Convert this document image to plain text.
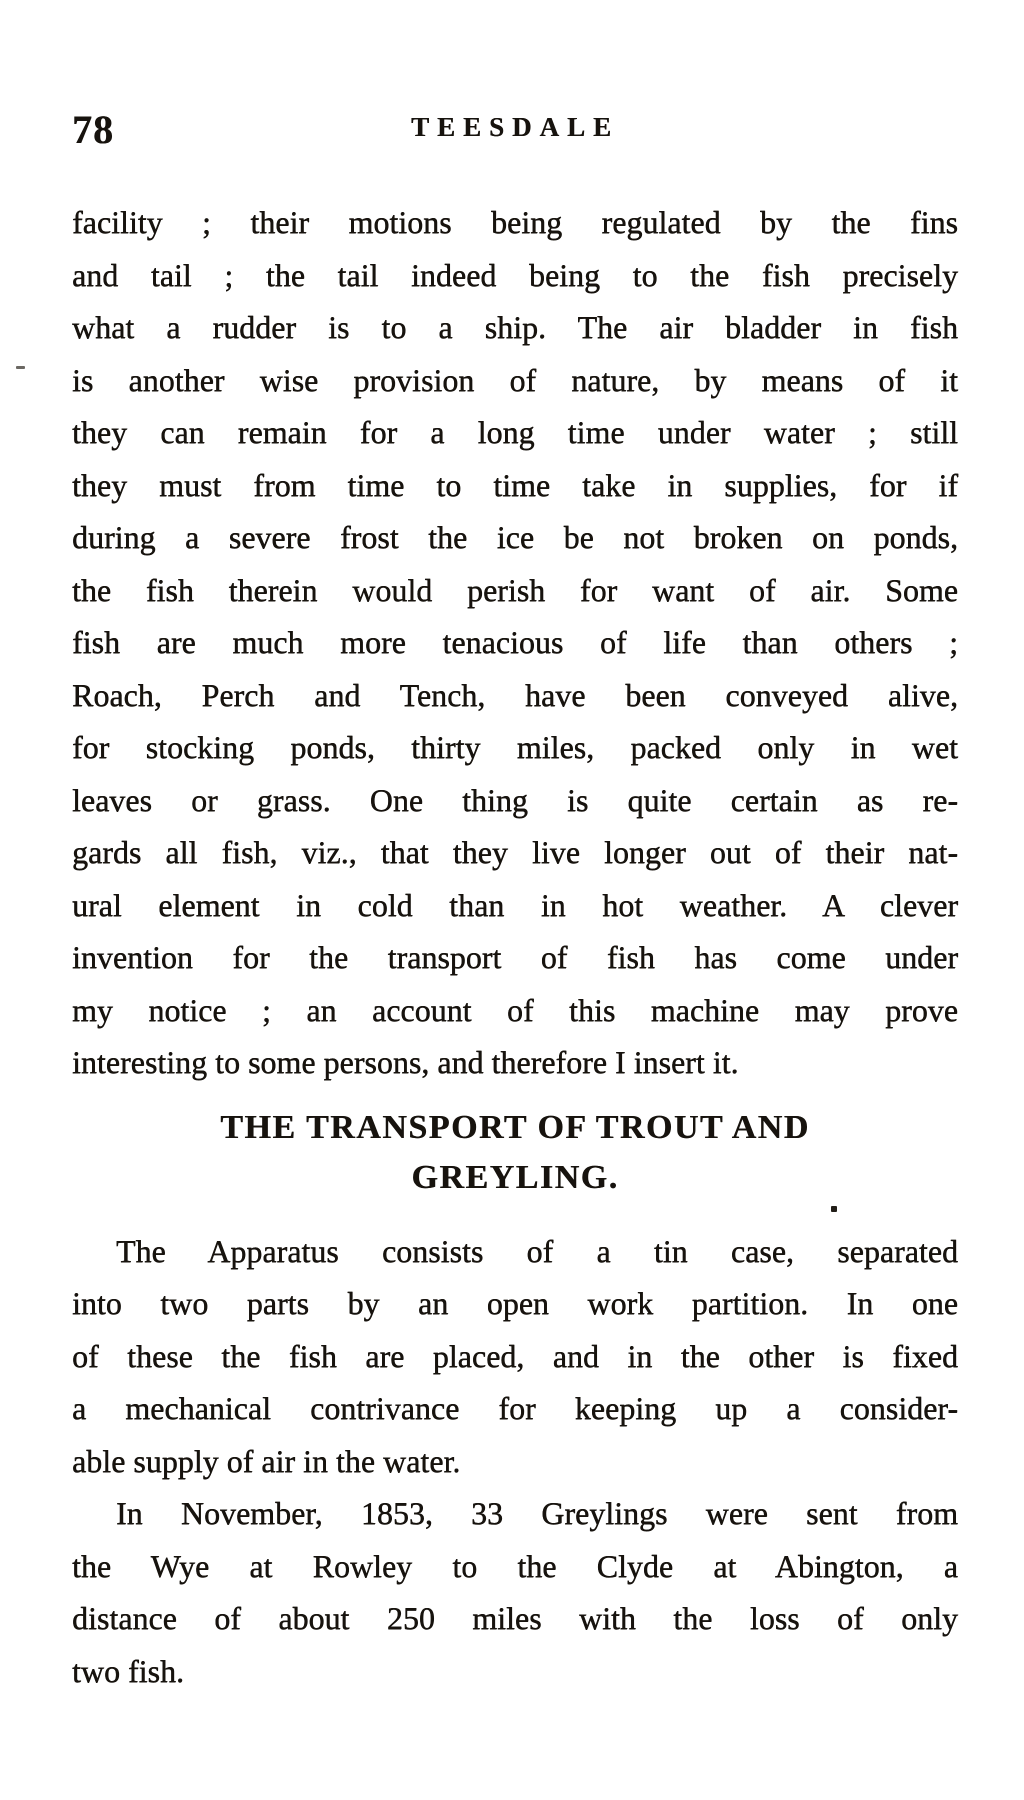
78	TEESDALE
facility ; their motions being regulated by the fins
and tail ; the tail indeed being to the fish precisely
what a rudder is to a ship. The air bladder in fish
is another wise provision of nature, by means of it
they can remain for a long time under water ; still
they must from time to time take in supplies, for if
during a severe frost the ice be not broken on ponds,
the fish therein would perish for want of air. Some
fish are much more tenacious of life than others ;
Roach, Perch and Tench, have been conveyed alive,
for stocking ponds, thirty miles, packed only in wet
leaves or grass. One thing is quite certain as re-
gards all fish, viz., that they live longer out of their nat-
ural element in cold than in hot weather. A clever
invention for the transport of fish has come under
my notice ; an account of this machine may prove
interesting to some persons, and therefore I insert it.
THE TRANSPORT OF TROUT AND
GREYLING.
The Apparatus consists of a tin case, separated
into two parts by an open work partition. In one
of these the fish are placed, and in the other is fixed
a mechanical contrivance for keeping up a consider-
able supply of air in the water.
In November, 1853, 33 Greylings were sent from
the Wye at Rowley to the Clyde at Abington, a
distance of about 250 miles with the loss of only
two fish.
